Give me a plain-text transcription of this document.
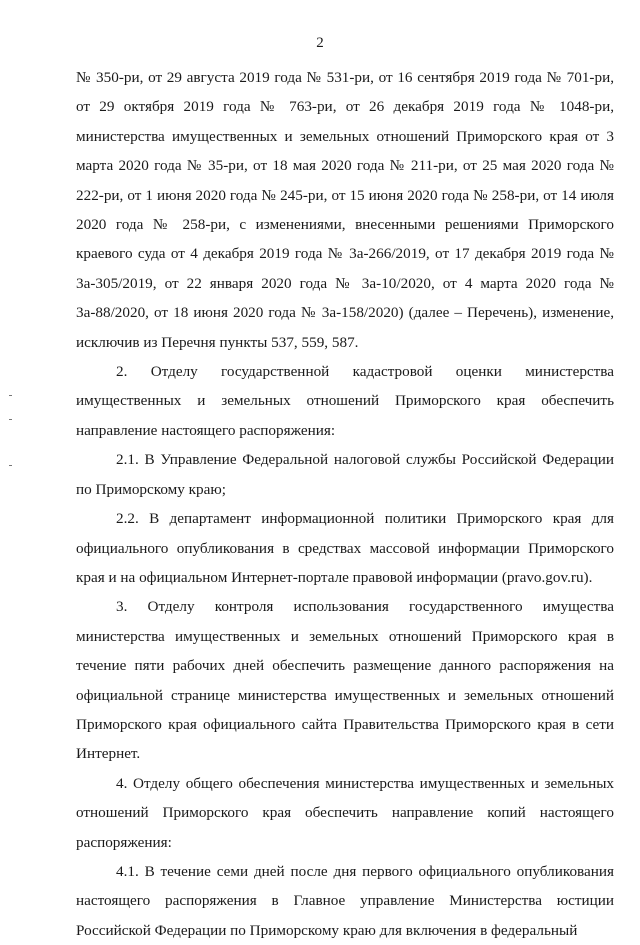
2

№ 350-ри, от 29 августа 2019 года № 531-ри, от 16 сентября 2019 года № 701-ри, от 29 октября 2019 года № 763-ри, от 26 декабря 2019 года № 1048-ри, министерства имущественных и земельных отношений Приморского края от 3 марта 2020 года № 35-ри, от 18 мая 2020 года № 211-ри, от 25 мая 2020 года № 222-ри, от 1 июня 2020 года № 245-ри, от 15 июня 2020 года № 258-ри, от 14 июля 2020 года № 258-ри, с изменениями, внесенными решениями Приморского краевого суда от 4 декабря 2019 года № 3а-266/2019, от 17 декабря 2019 года № 3а-305/2019, от 22 января 2020 года № 3а-10/2020, от 4 марта 2020 года № 3а-88/2020, от 18 июня 2020 года № 3а-158/2020) (далее – Перечень), изменение, исключив из Перечня пункты 537, 559, 587.

2. Отделу государственной кадастровой оценки министерства имущественных и земельных отношений Приморского края обеспечить направление настоящего распоряжения:

2.1. В Управление Федеральной налоговой службы Российской Федерации по Приморскому краю;

2.2. В департамент информационной политики Приморского края для официального опубликования в средствах массовой информации Приморского края и на официальном Интернет-портале правовой информации (pravo.gov.ru).

3. Отделу контроля использования государственного имущества министерства имущественных и земельных отношений Приморского края в течение пяти рабочих дней обеспечить размещение данного распоряжения на официальной странице министерства имущественных и земельных отношений Приморского края официального сайта Правительства Приморского края в сети Интернет.

4. Отделу общего обеспечения министерства имущественных и земельных отношений Приморского края обеспечить направление копий настоящего распоряжения:

4.1. В течение семи дней после дня первого официального опубликования настоящего распоряжения в Главное управление Министерства юстиции Российской Федерации по Приморскому краю для включения в федеральный
